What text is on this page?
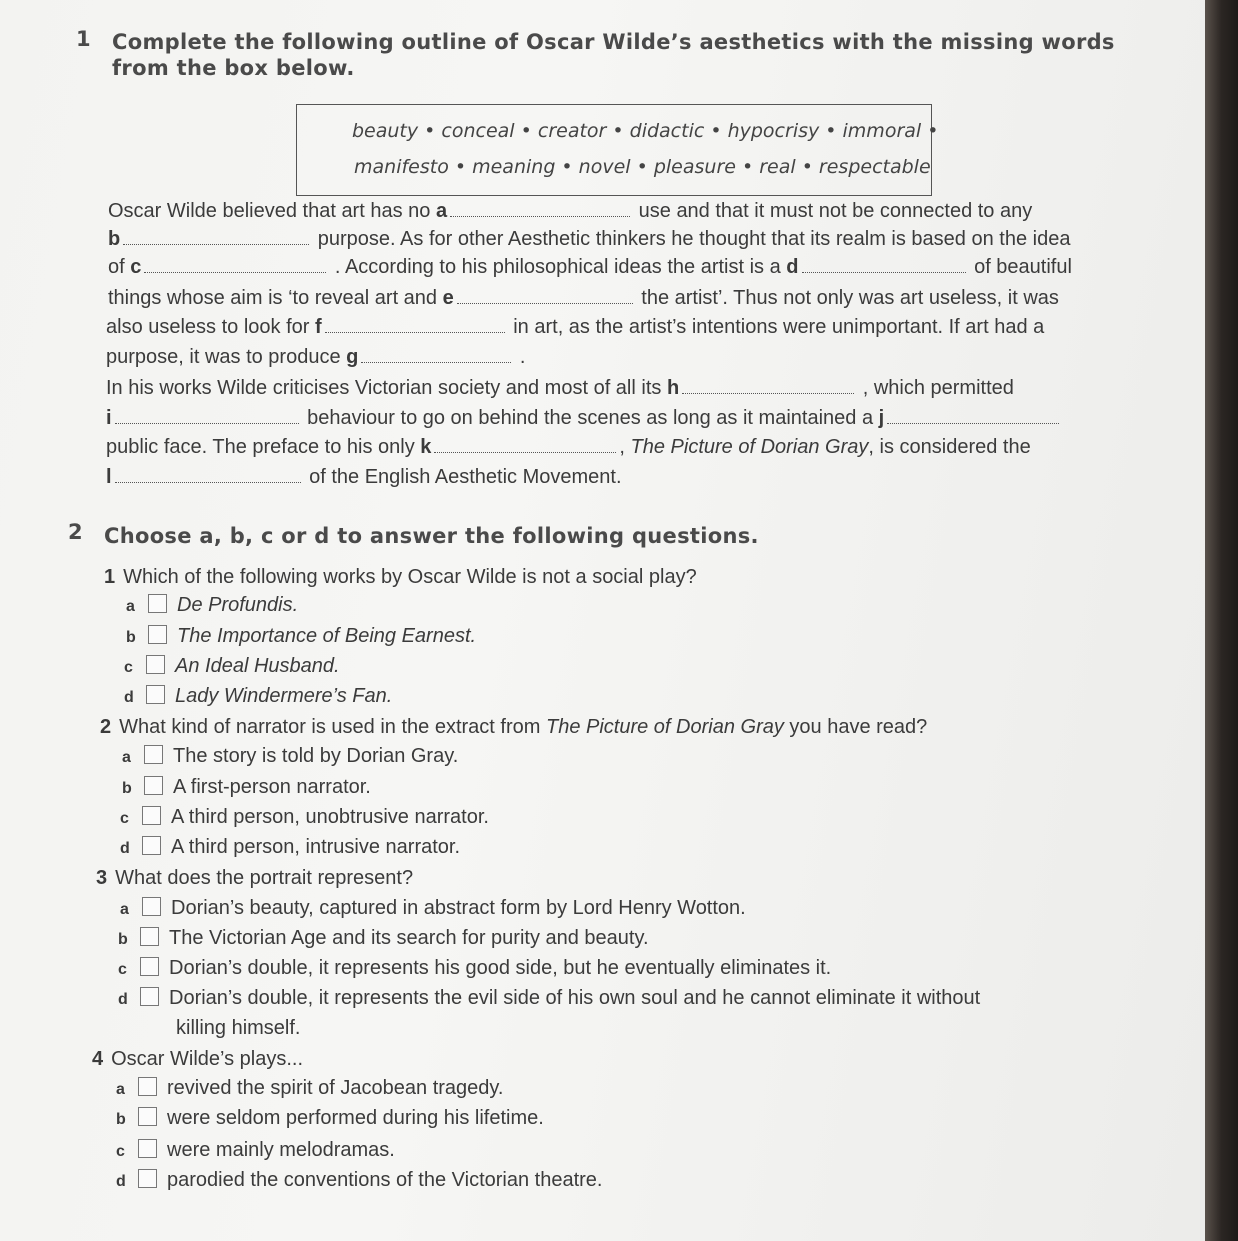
1 Complete the following outline of Oscar Wilde’s aesthetics with the missing words
from the box below.
beauty • conceal • creator • didactic • hypocrisy • immoral •
manifesto • meaning • novel • pleasure • real • respectable
Oscar Wilde believed that art has no a	use and that it must not be connected to any
b	purpose. As for other Aesthetic thinkers he thought that its realm is based on the idea
of c	. According to his philosophical ideas the artist is a d	of beautiful
things whose aim is ‘to reveal art and e	the artist’. Thus not only was art useless, it was
also useless to look for f	in art, as the artist’s intentions were unimportant. If art had a
purpose, it was to produce g	.
In his works Wilde criticises Victorian society and most of all its h	, which permitted
i	behaviour to go on behind the scenes as long as it maintained a j
public face. The preface to his only k	, The Picture of Dorian Gray, is considered the
l	of the English Aesthetic Movement.
2 Choose a, b, c or d to answer the following questions.
1 Which of the following works by Oscar Wilde is not a social play?
a De Profundis.
b The Importance of Being Earnest.
c An Ideal Husband.
d Lady Windermere’s Fan.
2 What kind of narrator is used in the extract from The Picture of Dorian Gray you have read?
a The story is told by Dorian Gray.
b A first-person narrator.
c A third person, unobtrusive narrator.
d A third person, intrusive narrator.
3 What does the portrait represent?
a Dorian’s beauty, captured in abstract form by Lord Henry Wotton.
b The Victorian Age and its search for purity and beauty.
c Dorian’s double, it represents his good side, but he eventually eliminates it.
d Dorian’s double, it represents the evil side of his own soul and he cannot eliminate it without
killing himself.
4 Oscar Wilde’s plays...
a revived the spirit of Jacobean tragedy.
b were seldom performed during his lifetime.
c were mainly melodramas.
d parodied the conventions of the Victorian theatre.
